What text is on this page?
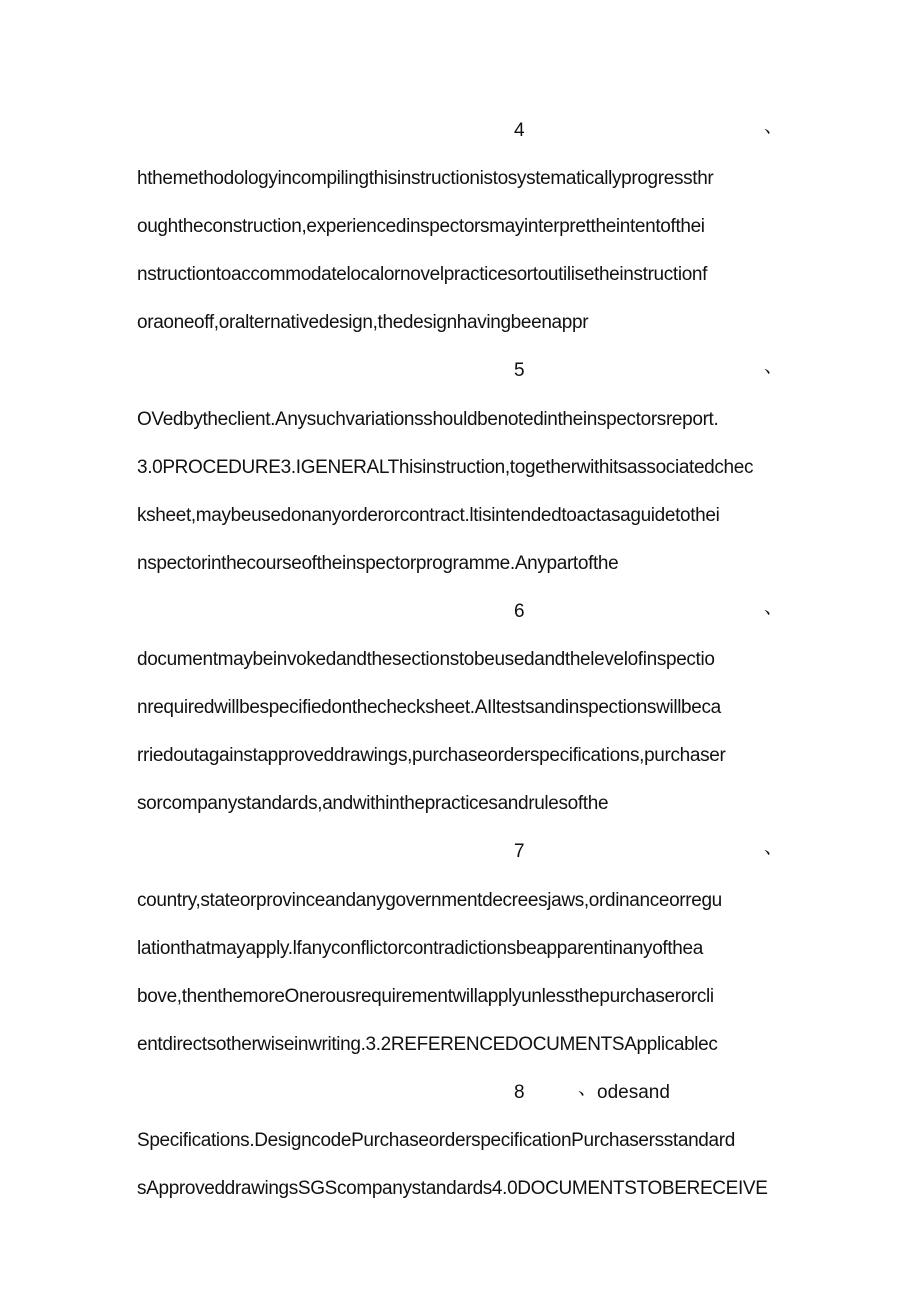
4	、
hthemethodologyincompilingthisinstructionistosystematicallyprogressthr
oughtheconstruction,experiencedinspectorsmayinterprettheintentofthei
nstructiontoaccommodatelocalornovelpracticesortoutilisetheinstructionf
oraoneoff,oralternativedesign,thedesignhavingbeenappr
5	、
OVedbytheclient.Anysuchvariationsshouldbenotedintheinspectorsreport.
3.0PROCEDURE3.IGENERALThisinstruction,togetherwithitsassociatedchec
ksheet,maybeusedonanyorderorcontract.ltisintendedtoactasaguidetothei
nspectorinthecourseoftheinspectorprogramme.Anypartofthe
6	、
documentmaybeinvokedandthesectionstobeusedandthelevelofinspectio
nrequiredwillbespecifiedonthechecksheet.AIltestsandinspectionswillbeca
rriedoutagainstapproveddrawings,purchaseorderspecifications,purchaser
sorcompanystandards,andwithinthepracticesandrulesofthe
7	、
country,stateorprovinceandanygovernmentdecreesjaws,ordinanceorregu
lationthatmayapply.lfanyconflictorcontradictionsbeapparentinanyofthea
bove,thenthemoreOnerousrequirementwillapplyunlessthepurchaserorcli
entdirectsotherwiseinwriting.3.2REFERENCEDOCUMENTSApplicablec
8	、 odesand
Specifications.DesigncodePurchaseorderspecificationPurchasersstandard
sApproveddrawingsSGScompanystandards4.0DOCUMENTSTOBERECEIVE
